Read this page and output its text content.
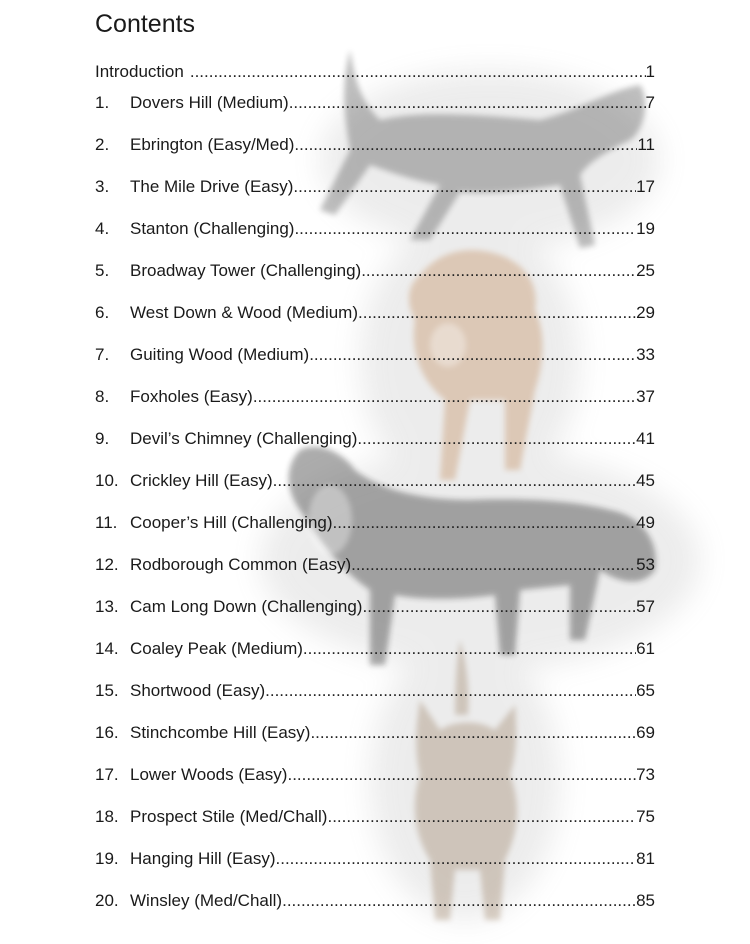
Contents
Introduction .....	1
1.	Dovers Hill (Medium) .....	7
2.	Ebrington (Easy/Med) .....	11
3.	The Mile Drive (Easy) .....	17
4.	Stanton (Challenging) .....	19
5.	Broadway Tower (Challenging) .....	25
6.	West Down & Wood (Medium) .....	29
7.	Guiting Wood (Medium) .....	33
8.	Foxholes (Easy) .....	37
9.	Devil’s Chimney (Challenging) .....	41
10. Crickley Hill (Easy) .....	45
11. Cooper’s Hill (Challenging) .....	49
12. Rodborough Common (Easy) .....	53
13. Cam Long Down (Challenging) .....	57
14. Coaley Peak (Medium) .....	61
15. Shortwood (Easy) .....	65
16. Stinchcombe Hill (Easy) .....	69
17. Lower Woods (Easy) .....	73
18. Prospect Stile (Med/Chall) .....	75
19. Hanging Hill (Easy) .....	81
20. Winsley (Med/Chall) .....	85
